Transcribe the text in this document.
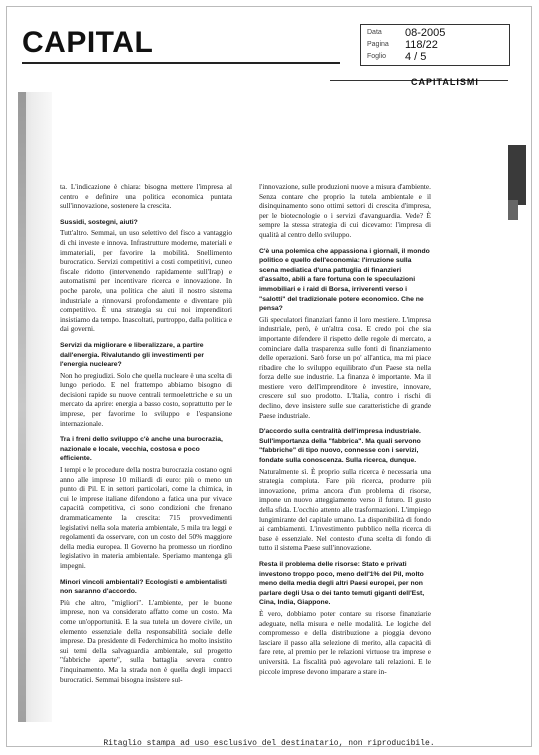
CAPITAL	Data	08-2005
Pagina	118/22
Foglio	4 / 5
CAPITALISMI

ta. L'indicazione è chiara: bisogna mettere l'impresa al centro e definire una politica economica puntata sull'innovazione, sostenere la crescita.

Sussidi, sostegni, aiuti?

Tutt'altro. Semmai, un uso selettivo del fisco a vantaggio di chi investe e innova. Infrastrutture moderne, materiali e immateriali, per favorire la mobilità. Snellimento burocratico. Servizi competitivi a costi competitivi, cuneo fiscale ridotto (intervenendo rapidamente sull'Irap) e automatismi per incentivare ricerca e innovazione. In poche parole, una politica che aiuti il nostro sistema industriale a rinnovarsi profondamente e diventare più competitivo. È una strategia su cui noi imprenditori insistiamo da tempo. Inascoltati, purtroppo, dalla politica e dai governi.

Servizi da migliorare e liberalizzare, a partire dall'energia. Rivalutando gli investimenti per l'energia nucleare?

Non ho pregiudizi. Solo che quella nucleare è una scelta di lungo periodo. E nel frattempo abbiamo bisogno di decisioni rapide su nuove centrali termoelettriche e su un mercato da aprire: energia a basso costo, soprattutto per le imprese, per favorirne lo sviluppo e l'espansione internazionale.

Tra i freni dello sviluppo c'è anche una burocrazia, nazionale e locale, vecchia, costosa e poco efficiente.

I tempi e le procedure della nostra burocrazia costano ogni anno alle imprese 10 miliardi di euro: più o meno un punto di Pil. E in settori particolari, come la chimica, in cui le imprese italiane difendono a fatica una pur vivace capacità competitiva, ci sono condizioni che frenano drammaticamente la crescita: 715 provvedimenti legislativi nella sola materia ambientale, 5 mila tra leggi e regolamenti da osservare, con un costo del 50% maggiore della media europea. Il Governo ha promesso un riordino legislativo in materia ambientale. Speriamo mantenga gli impegni.

Minori vincoli ambientali? Ecologisti e ambientalisti non saranno d'accordo.

Più che altro, "migliori". L'ambiente, per le buone imprese, non va considerato affatto come un costo. Ma come un'opportunità. E la sua tutela un dovere civile, un elemento essenziale della responsabilità sociale delle imprese. Da presidente di Federchimica ho molto insistito sui temi della salvaguardia ambientale, sul progetto "fabbriche aperte", sulla battaglia severa contro l'inquinamento. Ma la strada non è quella degli impacci burocratici. Semmai bisogna insistere sul-

l'innovazione, sulle produzioni nuove a misura d'ambiente. Senza contare che proprio la tutela ambientale e il disinquinamento sono ottimi settori di crescita d'impresa, per le biotecnologie o i servizi d'avanguardia. Vede? È sempre la stessa strategia di cui dicevamo: l'impresa di qualità al centro dello sviluppo.

C'è una polemica che appassiona i giornali, il mondo politico e quello dell'economia: l'irruzione sulla scena mediatica d'una pattuglia di finanzieri d'assalto, abili a fare fortuna con le speculazioni immobiliari e i raid di Borsa, irriverenti verso i "salotti" del tradizionale potere economico. Che ne pensa?

Gli speculatori finanziari fanno il loro mestiere. L'impresa industriale, però, è un'altra cosa. E credo poi che sia importante difendere il rispetto delle regole di mercato, a cominciare dalla trasparenza sulle fonti di finanziamento delle operazioni. Sarò forse un po' all'antica, ma mi piace ribadire che lo sviluppo equilibrato d'un Paese sta nella forza delle sue industrie. La finanza è importante. Ma il mestiere vero dell'imprenditore è investire, innovare, crescere sul suo prodotto. L'Italia, contro i rischi di declino, deve insistere sulle sue caratteristiche di grande Paese industriale.

D'accordo sulla centralità dell'impresa industriale. Sull'importanza della "fabbrica". Ma quali servono "fabbriche" di tipo nuovo, connesse con i servizi, fondate sulla conoscenza. Sulla ricerca, dunque.

Naturalmente sì. È proprio sulla ricerca è necessaria una strategia compiuta. Fare più ricerca, produrre più innovazione, prima ancora d'un problema di risorse, impone un nuovo atteggiamento verso il futuro. Il gusto della sfida. L'occhio attento alle trasformazioni. L'impiego lungimirante del capitale umano. La disponibilità di fondo ai cambiamenti. L'investimento pubblico nella ricerca di base è essenziale. Nel contesto d'una scelta di fondo di tutto il sistema Paese sull'innovazione.

Resta il problema delle risorse: Stato e privati investono troppo poco, meno dell'1% del Pil, molto meno della media degli altri Paesi europei, per non parlare degli Usa o dei tanto temuti giganti dell'Est, Cina, India, Giappone.

È vero, dobbiamo poter contare su risorse finanziarie adeguate, nella misura e nelle modalità. Le logiche del compromesso e della distribuzione a pioggia devono lasciare il passo alla selezione di merito, alla capacità di fare rete, al premio per le relazioni virtuose tra imprese e università. La fiscalità può agevolare tali relazioni. E le piccole imprese devono imparare a stare in-

Ritaglio stampa ad uso esclusivo del destinatario, non riproducibile.
